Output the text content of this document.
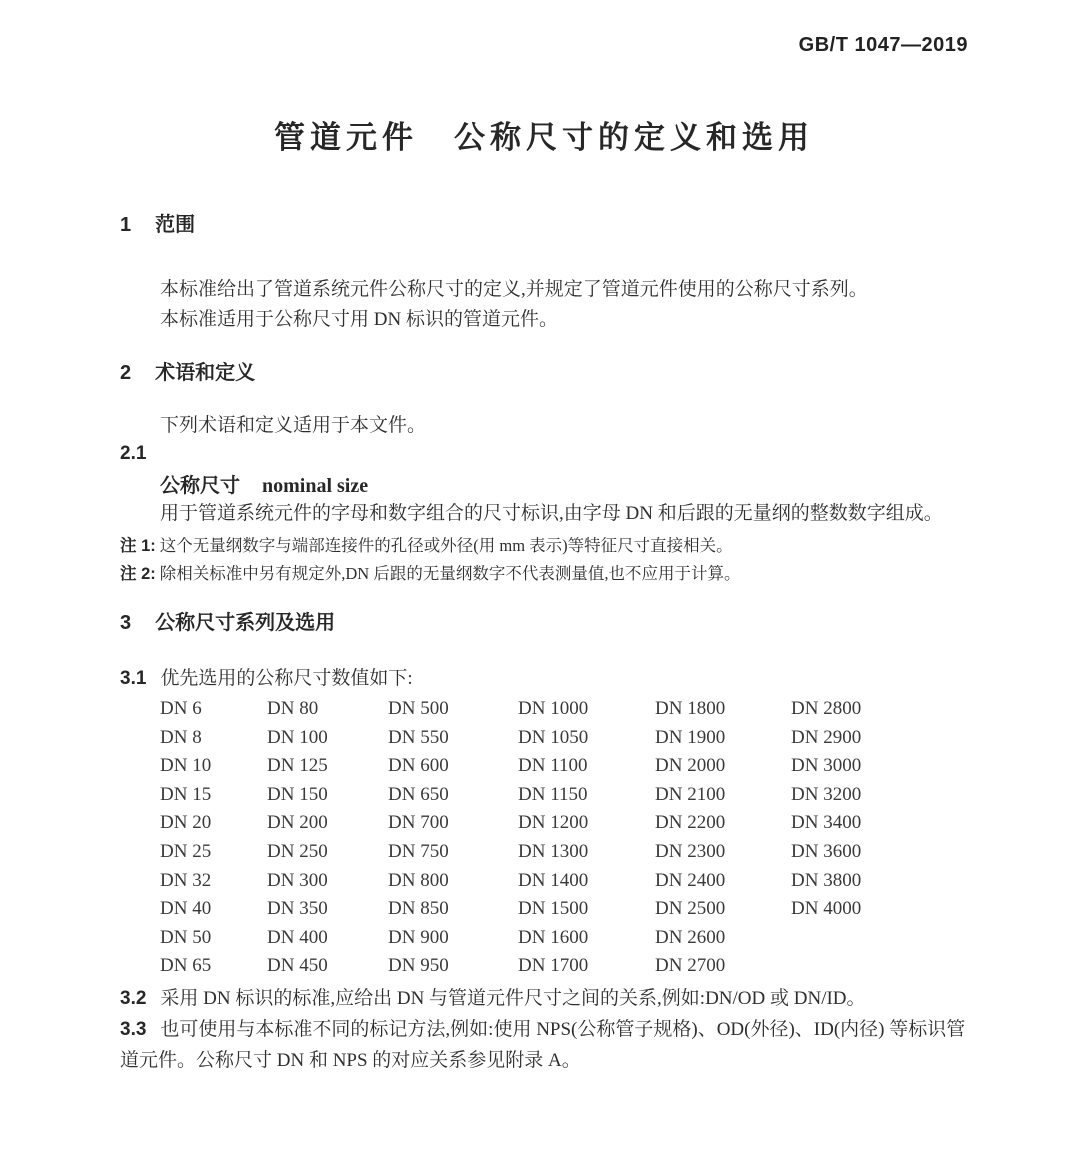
GB/T 1047—2019
管道元件　公称尺寸的定义和选用
1 范围

本标准给出了管道系统元件公称尺寸的定义,并规定了管道元件使用的公称尺寸系列。

本标准适用于公称尺寸用 DN 标识的管道元件。

2 术语和定义

下列术语和定义适用于本文件。

2.1
公称尺寸 nominal size

用于管道系统元件的字母和数字组合的尺寸标识,由字母 DN 和后跟的无量纲的整数数字组成。

注 1: 这个无量纲数字与端部连接件的孔径或外径(用 mm 表示)等特征尺寸直接相关。

注 2: 除相关标准中另有规定外,DN 后跟的无量纲数字不代表测量值,也不应用于计算。

3 公称尺寸系列及选用

3.1 优先选用的公称尺寸数值如下:

DN 6	DN 80	DN 500	DN 1000	DN 1800	DN 2800
DN 8	DN 100	DN 550	DN 1050	DN 1900	DN 2900
DN 10	DN 125	DN 600	DN 1100	DN 2000	DN 3000
DN 15	DN 150	DN 650	DN 1150	DN 2100	DN 3200
DN 20	DN 200	DN 700	DN 1200	DN 2200	DN 3400
DN 25	DN 250	DN 750	DN 1300	DN 2300	DN 3600
DN 32	DN 300	DN 800	DN 1400	DN 2400	DN 3800
DN 40	DN 350	DN 850	DN 1500	DN 2500	DN 4000
DN 50	DN 400	DN 900	DN 1600	DN 2600
DN 65	DN 450	DN 950	DN 1700	DN 2700

3.2 采用 DN 标识的标准,应给出 DN 与管道元件尺寸之间的关系,例如:DN/OD 或 DN/ID。

3.3 也可使用与本标准不同的标记方法,例如:使用 NPS(公称管子规格)、OD(外径)、ID(内径) 等标识管道元件。公称尺寸 DN 和 NPS 的对应关系参见附录 A。
